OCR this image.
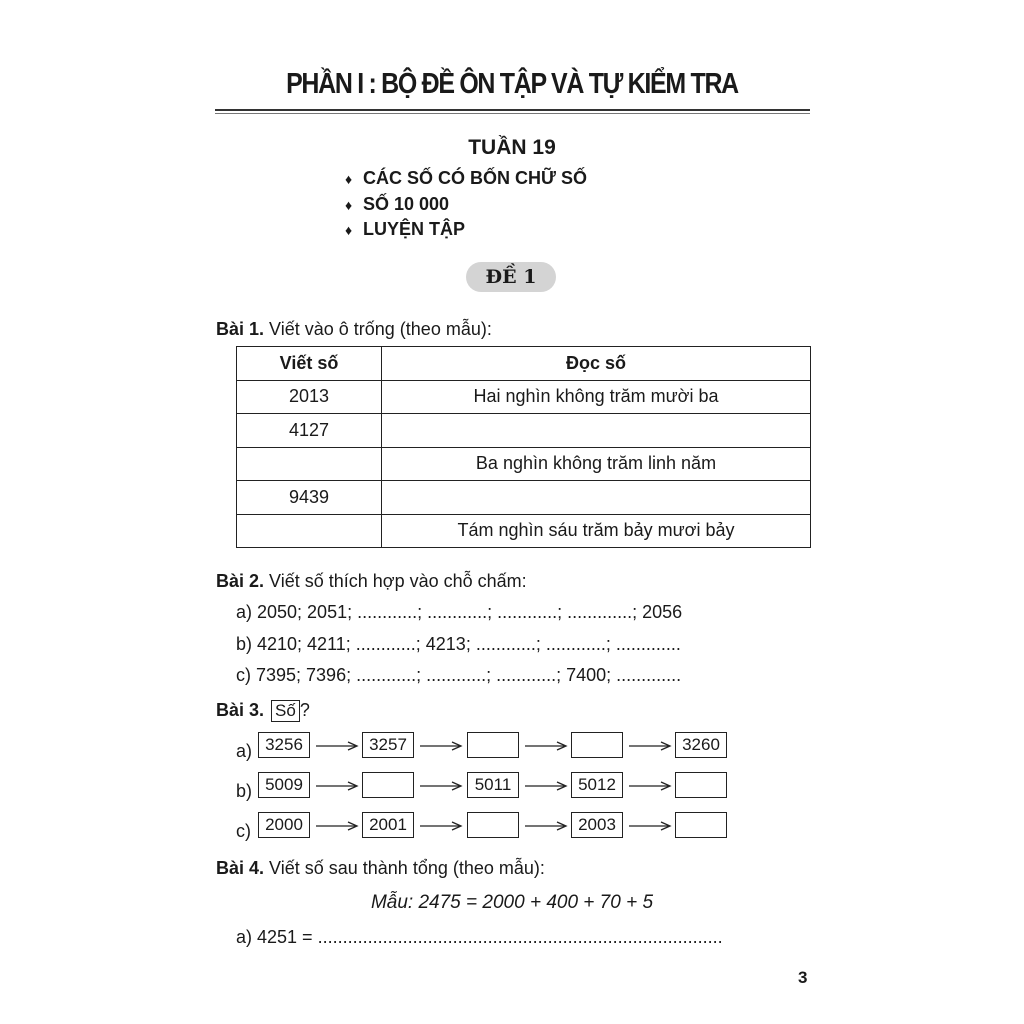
PHẦN I : BỘ ĐỀ ÔN TẬP VÀ TỰ KIỂM TRA
TUẦN 19
♦ CÁC SỐ CÓ BỐN CHỮ SỐ
♦ SỐ 10 000
♦ LUYỆN TẬP
ĐỀ 1
Bài 1. Viết vào ô trống (theo mẫu):
Viết số	Đọc số
2013	Hai nghìn không trăm mười ba
4127	
	Ba nghìn không trăm linh năm
9439	
	Tám nghìn sáu trăm bảy mươi bảy
Bài 2. Viết số thích hợp vào chỗ chấm:
a) 2050; 2051; ............; ............; ............; .............; 2056
b) 4210; 4211; ............; 4213; ............; ............; .............
c) 7395; 7396; ............; ............; ............; 7400; .............
Bài 3. Số ?
a) 3256	3257	3260
b) 5009	5011	5012
c) 2000	2001	2003
Bài 4. Viết số sau thành tổng (theo mẫu):
Mẫu: 2475 = 2000 + 400 + 70 + 5
a) 4251 = .................................................................................
3
